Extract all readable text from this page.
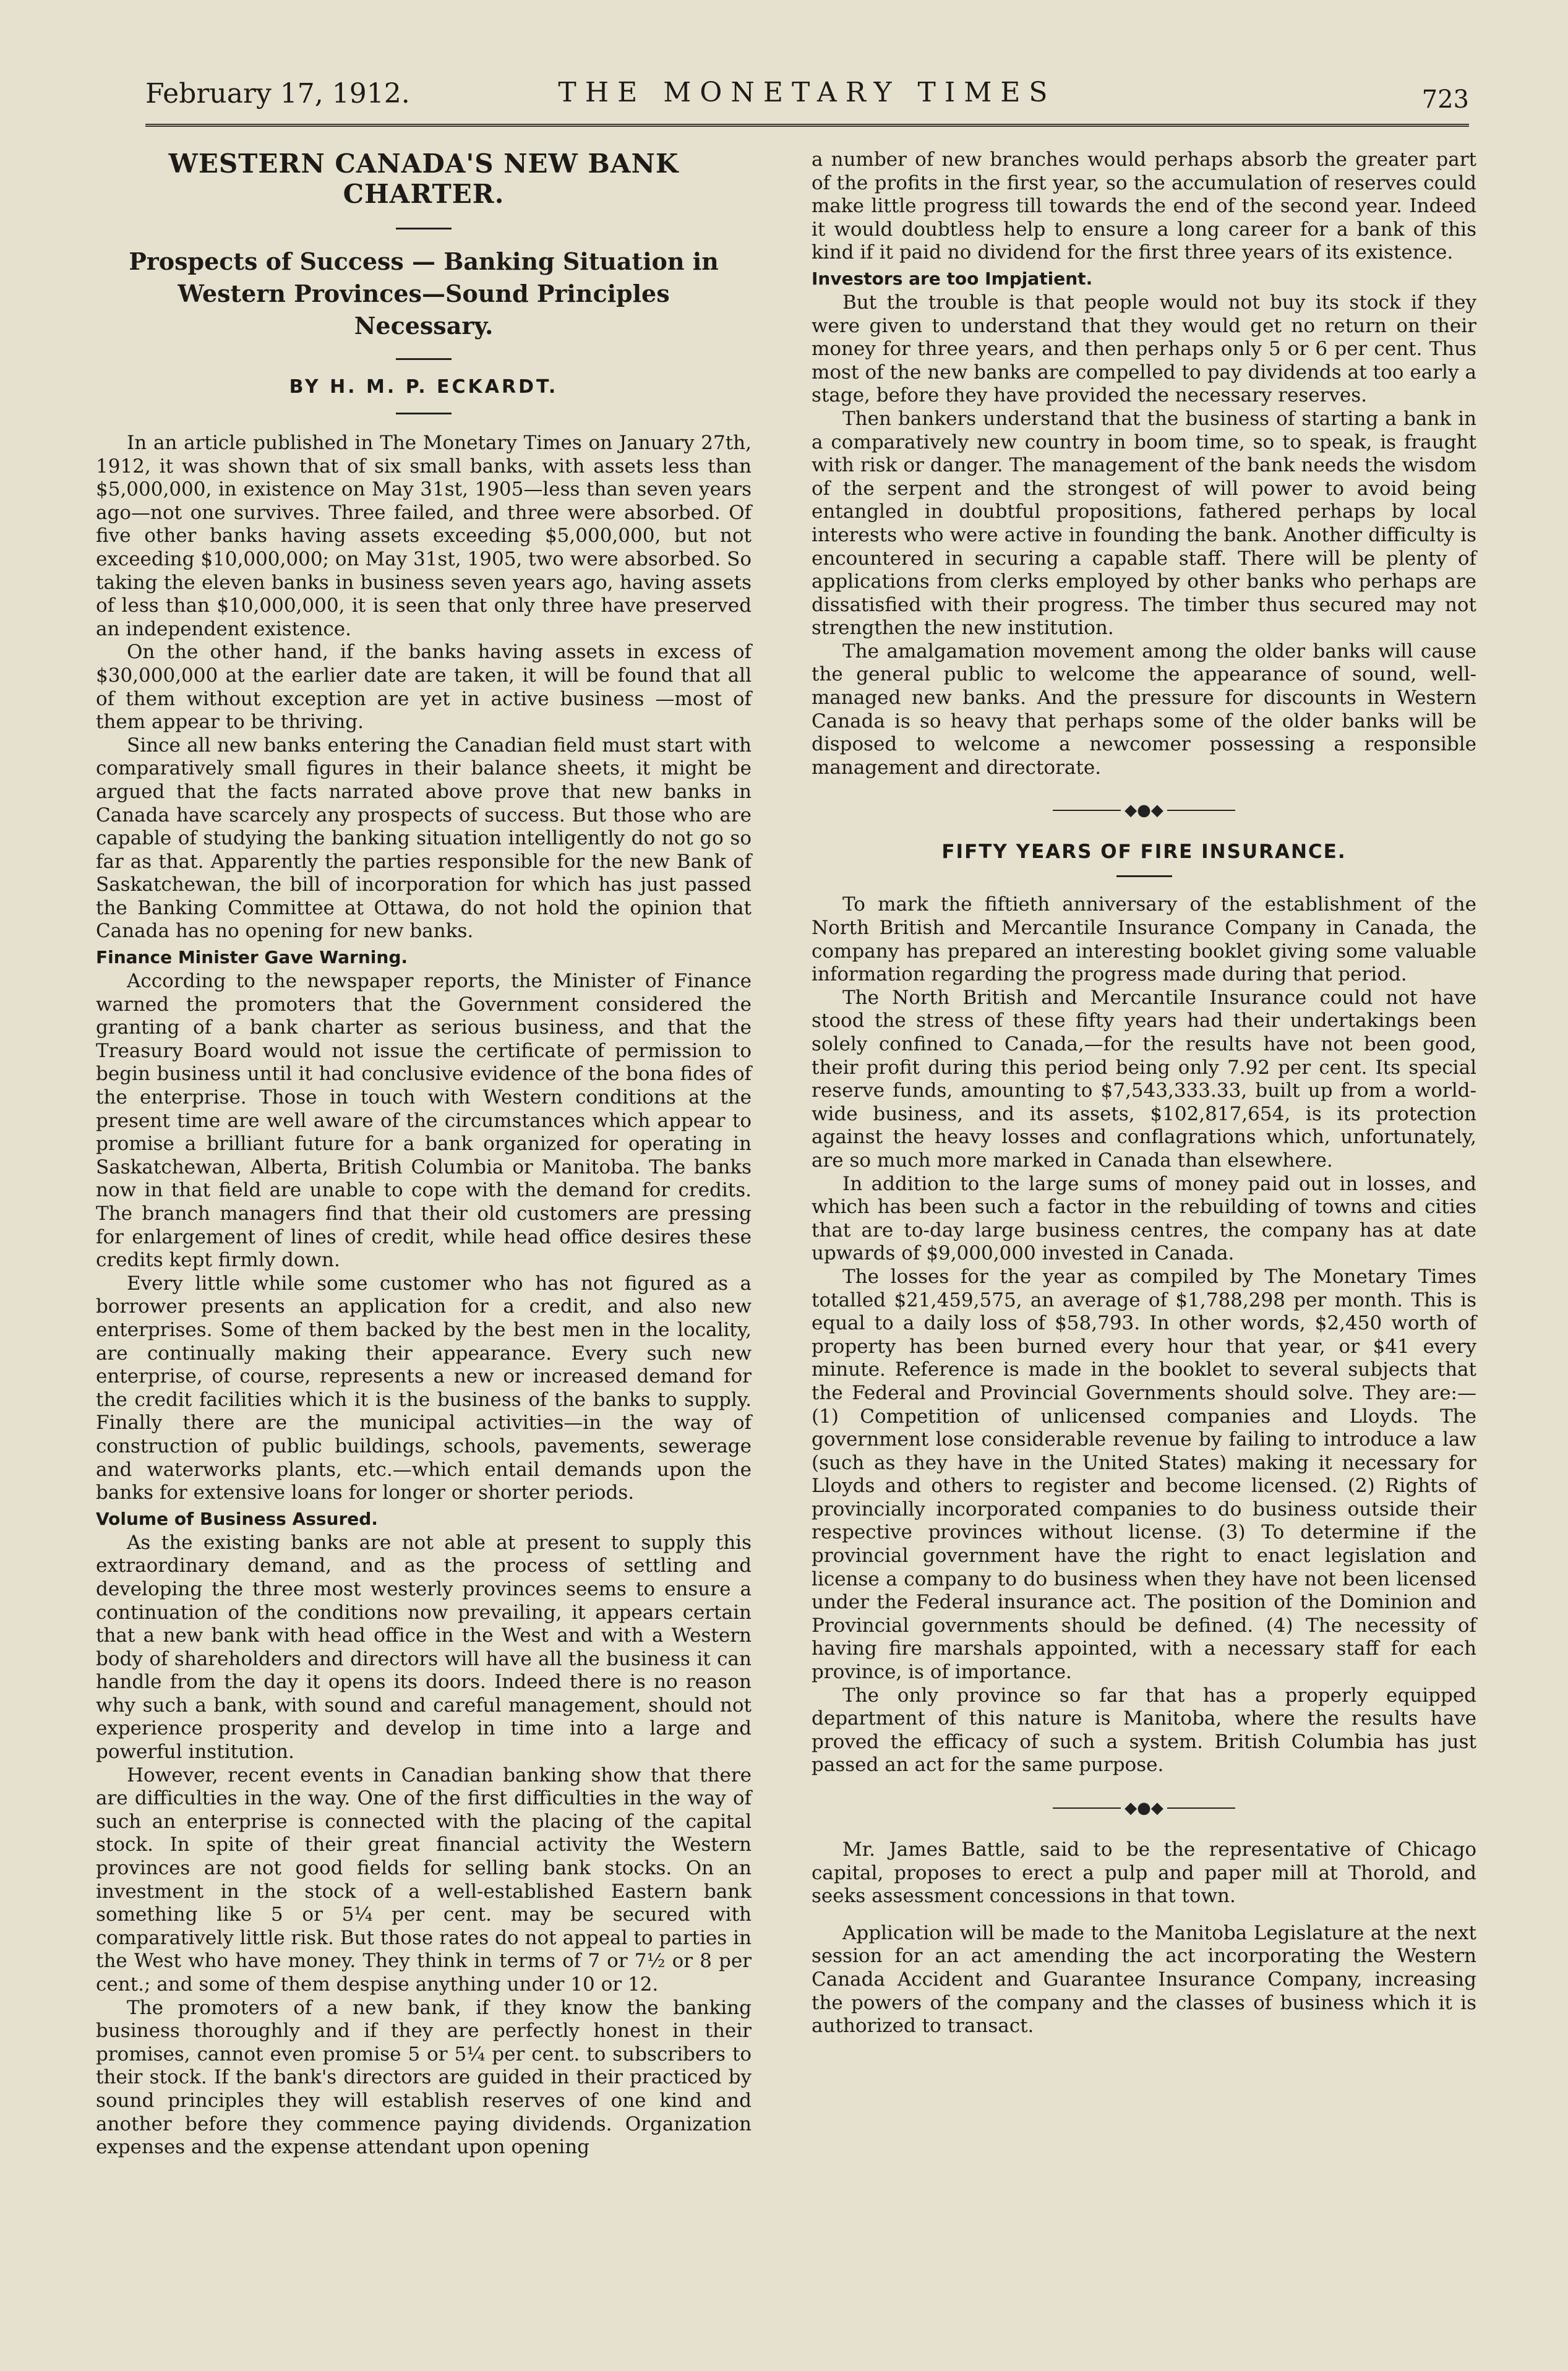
February 17, 1912.	THE MONETARY TIMES	723
WESTERN CANADA'S NEW BANK CHARTER.
Prospects of Success — Banking Situation in Western Provinces—Sound Principles Necessary.
BY H. M. P. ECKARDT.

In an article published in The Monetary Times on January 27th, 1912, it was shown that of six small banks, with assets less than $5,000,000, in existence on May 31st, 1905—less than seven years ago—not one survives. Three failed, and three were absorbed. Of five other banks having assets exceeding $5,000,000, but not exceeding $10,000,000; on May 31st, 1905, two were absorbed. So taking the eleven banks in business seven years ago, having assets of less than $10,000,000, it is seen that only three have preserved an independent existence.

On the other hand, if the banks having assets in excess of $30,000,000 at the earlier date are taken, it will be found that all of them without exception are yet in active business —most of them appear to be thriving.

Since all new banks entering the Canadian field must start with comparatively small figures in their balance sheets, it might be argued that the facts narrated above prove that new banks in Canada have scarcely any prospects of success. But those who are capable of studying the banking situation intelligently do not go so far as that. Apparently the parties responsible for the new Bank of Saskatchewan, the bill of incorporation for which has just passed the Banking Committee at Ottawa, do not hold the opinion that Canada has no opening for new banks.

Finance Minister Gave Warning.

According to the newspaper reports, the Minister of Finance warned the promoters that the Government considered the granting of a bank charter as serious business, and that the Treasury Board would not issue the certificate of permission to begin business until it had conclusive evidence of the bona fides of the enterprise. Those in touch with Western conditions at the present time are well aware of the circumstances which appear to promise a brilliant future for a bank organized for operating in Saskatchewan, Alberta, British Columbia or Manitoba. The banks now in that field are unable to cope with the demand for credits. The branch managers find that their old customers are pressing for enlargement of lines of credit, while head office desires these credits kept firmly down.

Every little while some customer who has not figured as a borrower presents an application for a credit, and also new enterprises. Some of them backed by the best men in the locality, are continually making their appearance. Every such new enterprise, of course, represents a new or increased demand for the credit facilities which it is the business of the banks to supply. Finally there are the municipal activities—in the way of construction of public buildings, schools, pavements, sewerage and waterworks plants, etc.—which entail demands upon the banks for extensive loans for longer or shorter periods.

Volume of Business Assured.

As the existing banks are not able at present to supply this extraordinary demand, and as the process of settling and developing the three most westerly provinces seems to ensure a continuation of the conditions now prevailing, it appears certain that a new bank with head office in the West and with a Western body of shareholders and directors will have all the business it can handle from the day it opens its doors. Indeed there is no reason why such a bank, with sound and careful management, should not experience prosperity and develop in time into a large and powerful institution.

However, recent events in Canadian banking show that there are difficulties in the way. One of the first difficulties in the way of such an enterprise is connected with the placing of the capital stock. In spite of their great financial activity the Western provinces are not good fields for selling bank stocks. On an investment in the stock of a well-established Eastern bank something like 5 or 5¼ per cent. may be secured with comparatively little risk. But those rates do not appeal to parties in the West who have money. They think in terms of 7 or 7½ or 8 per cent.; and some of them despise anything under 10 or 12.

The promoters of a new bank, if they know the banking business thoroughly and if they are perfectly honest in their promises, cannot even promise 5 or 5¼ per cent. to subscribers to their stock. If the bank's directors are guided in their practiced by sound principles they will establish reserves of one kind and another before they commence paying dividends. Organization expenses and the expense attendant upon opening

a number of new branches would perhaps absorb the greater part of the profits in the first year, so the accumulation of reserves could make little progress till towards the end of the second year. Indeed it would doubtless help to ensure a long career for a bank of this kind if it paid no dividend for the first three years of its existence.

Investors are too Impjatient.

But the trouble is that people would not buy its stock if they were given to understand that they would get no return on their money for three years, and then perhaps only 5 or 6 per cent. Thus most of the new banks are compelled to pay dividends at too early a stage, before they have provided the necessary reserves.

Then bankers understand that the business of starting a bank in a comparatively new country in boom time, so to speak, is fraught with risk or danger. The management of the bank needs the wisdom of the serpent and the strongest of will power to avoid being entangled in doubtful propositions, fathered perhaps by local interests who were active in founding the bank. Another difficulty is encountered in securing a capable staff. There will be plenty of applications from clerks employed by other banks who perhaps are dissatisfied with their progress. The timber thus secured may not strengthen the new institution.

The amalgamation movement among the older banks will cause the general public to welcome the appearance of sound, well-managed new banks. And the pressure for discounts in Western Canada is so heavy that perhaps some of the older banks will be disposed to welcome a newcomer possessing a responsible management and directorate.

◆●◆
FIFTY YEARS OF FIRE INSURANCE.

To mark the fiftieth anniversary of the establishment of the North British and Mercantile Insurance Company in Canada, the company has prepared an interesting booklet giving some valuable information regarding the progress made during that period.

The North British and Mercantile Insurance could not have stood the stress of these fifty years had their undertakings been solely confined to Canada,—for the results have not been good, their profit during this period being only 7.92 per cent. Its special reserve funds, amounting to $7,543,333.33, built up from a world-wide business, and its assets, $102,817,654, is its protection against the heavy losses and conflagrations which, unfortunately, are so much more marked in Canada than elsewhere.

In addition to the large sums of money paid out in losses, and which has been such a factor in the rebuilding of towns and cities that are to-day large business centres, the company has at date upwards of $9,000,000 invested in Canada.

The losses for the year as compiled by The Monetary Times totalled $21,459,575, an average of $1,788,298 per month. This is equal to a daily loss of $58,793. In other words, $2,450 worth of property has been burned every hour that year, or $41 every minute. Reference is made in the booklet to several subjects that the Federal and Provincial Governments should solve. They are:—(1) Competition of unlicensed companies and Lloyds. The government lose considerable revenue by failing to introduce a law (such as they have in the United States) making it necessary for Lloyds and others to register and become licensed. (2) Rights of provincially incorporated companies to do business outside their respective provinces without license. (3) To determine if the provincial government have the right to enact legislation and license a company to do business when they have not been licensed under the Federal insurance act. The position of the Dominion and Provincial governments should be defined. (4) The necessity of having fire marshals appointed, with a necessary staff for each province, is of importance.

The only province so far that has a properly equipped department of this nature is Manitoba, where the results have proved the efficacy of such a system. British Columbia has just passed an act for the same purpose.

◆●◆

Mr. James Battle, said to be the representative of Chicago capital, proposes to erect a pulp and paper mill at Thorold, and seeks assessment concessions in that town.

Application will be made to the Manitoba Legislature at the next session for an act amending the act incorporating the Western Canada Accident and Guarantee Insurance Company, increasing the powers of the company and the classes of business which it is authorized to transact.
